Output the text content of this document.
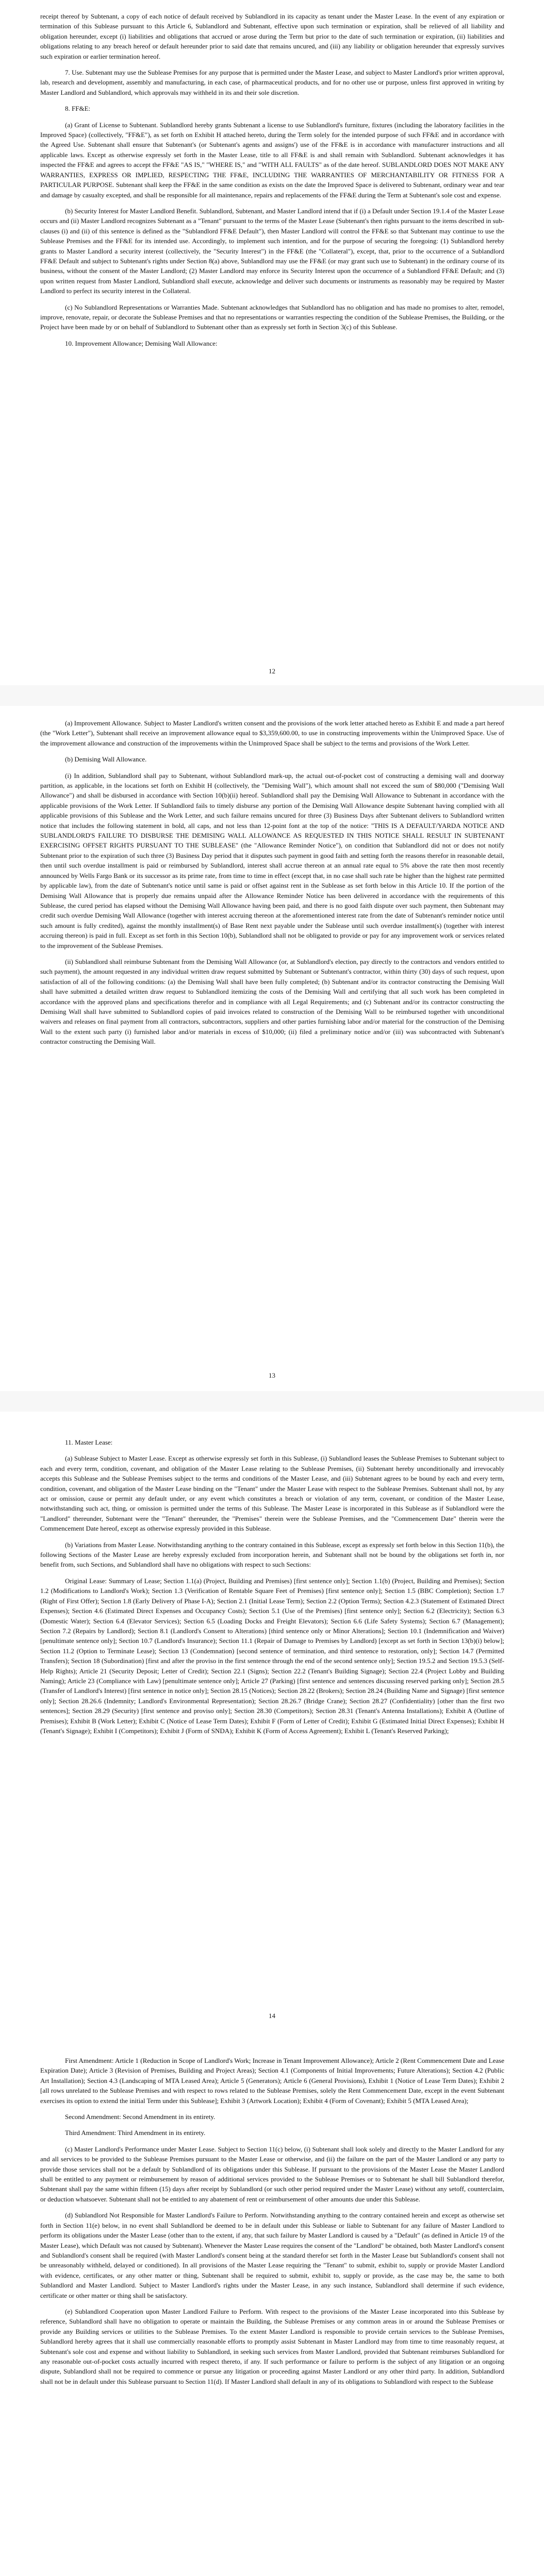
receipt thereof by Subtenant, a copy of each notice of default received by Sublandlord in its capacity as tenant under the Master Lease. In the event of any expiration or termination of this Sublease pursuant to this Article 6, Sublandlord and Subtenant, effective upon such termination or expiration, shall be relieved of all liability and obligation hereunder, except (i) liabilities and obligations that accrued or arose during the Term but prior to the date of such termination or expiration, (ii) liabilities and obligations relating to any breach hereof or default hereunder prior to said date that remains uncured, and (iii) any liability or obligation hereunder that expressly survives such expiration or earlier termination hereof.

7. Use. Subtenant may use the Sublease Premises for any purpose that is permitted under the Master Lease, and subject to Master Landlord's prior written approval, lab, research and development, assembly and manufacturing, in each case, of pharmaceutical products, and for no other use or purpose, unless first approved in writing by Master Landlord and Sublandlord, which approvals may withheld in its and their sole discretion.

8. FF&E:

(a) Grant of License to Subtenant. Sublandlord hereby grants Subtenant a license to use Sublandlord's furniture, fixtures (including the laboratory facilities in the Improved Space) (collectively, "FF&E"), as set forth on Exhibit H attached hereto, during the Term solely for the intended purpose of such FF&E and in accordance with the Agreed Use. Subtenant shall ensure that Subtenant's (or Subtenant's agents and assigns') use of the FF&E is in accordance with manufacturer instructions and all applicable laws. Except as otherwise expressly set forth in the Master Lease, title to all FF&E is and shall remain with Sublandlord. Subtenant acknowledges it has inspected the FF&E and agrees to accept the FF&E "AS IS," "WHERE IS," and "WITH ALL FAULTS" as of the date hereof. SUBLANDLORD DOES NOT MAKE ANY WARRANTIES, EXPRESS OR IMPLIED, RESPECTING THE FF&E, INCLUDING THE WARRANTIES OF MERCHANTABILITY OR FITNESS FOR A PARTICULAR PURPOSE. Subtenant shall keep the FF&E in the same condition as exists on the date the Improved Space is delivered to Subtenant, ordinary wear and tear and damage by casualty excepted, and shall be responsible for all maintenance, repairs and replacements of the FF&E during the Term at Subtenant's sole cost and expense.

(b) Security Interest for Master Landlord Benefit. Sublandlord, Subtenant, and Master Landlord intend that if (i) a Default under Section 19.1.4 of the Master Lease occurs and (ii) Master Landlord recognizes Subtenant as a "Tenant" pursuant to the terms of the Master Lease (Subtenant's then rights pursuant to the items described in sub-clauses (i) and (ii) of this sentence is defined as the "Sublandlord FF&E Default"), then Master Landlord will control the FF&E so that Subtenant may continue to use the Sublease Premises and the FF&E for its intended use. Accordingly, to implement such intention, and for the purpose of securing the foregoing: (1) Sublandlord hereby grants to Master Landlord a security interest (collectively, the "Security Interest") in the FF&E (the "Collateral"), except, that, prior to the occurrence of a Sublandlord FF&E Default and subject to Subtenant's rights under Section 8(a) above, Sublandlord may use the FF&E (or may grant such use to Subtenant) in the ordinary course of its business, without the consent of the Master Landlord; (2) Master Landlord may enforce its Security Interest upon the occurrence of a Sublandlord FF&E Default; and (3) upon written request from Master Landlord, Sublandlord shall execute, acknowledge and deliver such documents or instruments as reasonably may be required by Master Landlord to perfect its security interest in the Collateral.

(c) No Sublandlord Representations or Warranties Made. Subtenant acknowledges that Sublandlord has no obligation and has made no promises to alter, remodel, improve, renovate, repair, or decorate the Sublease Premises and that no representations or warranties respecting the condition of the Sublease Premises, the Building, or the Project have been made by or on behalf of Sublandlord to Subtenant other than as expressly set forth in Section 3(c) of this Sublease.

10. Improvement Allowance; Demising Wall Allowance:

12

(a) Improvement Allowance. Subject to Master Landlord's written consent and the provisions of the work letter attached hereto as Exhibit E and made a part hereof (the "Work Letter"), Subtenant shall receive an improvement allowance equal to $3,359,600.00, to use in constructing improvements within the Unimproved Space. Use of the improvement allowance and construction of the improvements within the Unimproved Space shall be subject to the terms and provisions of the Work Letter.

(b) Demising Wall Allowance.

(i) In addition, Sublandlord shall pay to Subtenant, without Sublandlord mark-up, the actual out-of-pocket cost of constructing a demising wall and doorway partition, as applicable, in the locations set forth on Exhibit H (collectively, the "Demising Wall"), which amount shall not exceed the sum of $80,000 ("Demising Wall Allowance") and shall be disbursed in accordance with Section 10(b)(ii) hereof. Sublandlord shall pay the Demising Wall Allowance to Subtenant in accordance with the applicable provisions of the Work Letter. If Sublandlord fails to timely disburse any portion of the Demising Wall Allowance despite Subtenant having complied with all applicable provisions of this Sublease and the Work Letter, and such failure remains uncured for three (3) Business Days after Subtenant delivers to Sublandlord written notice that includes the following statement in bold, all caps, and not less than 12-point font at the top of the notice: "THIS IS A DEFAULT/YARDA NOTICE AND SUBLANDLORD'S FAILURE TO DISBURSE THE DEMISING WALL ALLOWANCE AS REQUESTED IN THIS NOTICE SHALL RESULT IN SUBTENANT EXERCISING OFFSET RIGHTS PURSUANT TO THE SUBLEASE" (the "Allowance Reminder Notice"), on condition that Sublandlord did not or does not notify Subtenant prior to the expiration of such three (3) Business Day period that it disputes such payment in good faith and setting forth the reasons therefor in reasonable detail, then until such overdue installment is paid or reimbursed by Sublandlord, interest shall accrue thereon at an annual rate equal to 5% above the rate then most recently announced by Wells Fargo Bank or its successor as its prime rate, from time to time in effect (except that, in no case shall such rate be higher than the highest rate permitted by applicable law), from the date of Subtenant's notice until same is paid or offset against rent in the Sublease as set forth below in this Article 10. If the portion of the Demising Wall Allowance that is properly due remains unpaid after the Allowance Reminder Notice has been delivered in accordance with the requirements of this Sublease, the cured period has elapsed without the Demising Wall Allowance having been paid, and there is no good faith dispute over such payment, then Subtenant may credit such overdue Demising Wall Allowance (together with interest accruing thereon at the aforementioned interest rate from the date of Subtenant's reminder notice until such amount is fully credited), against the monthly installment(s) of Base Rent next payable under the Sublease until such overdue installment(s) (together with interest accruing thereon) is paid in full. Except as set forth in this Section 10(b), Sublandlord shall not be obligated to provide or pay for any improvement work or services related to the improvement of the Sublease Premises.

(ii) Sublandlord shall reimburse Subtenant from the Demising Wall Allowance (or, at Sublandlord's election, pay directly to the contractors and vendors entitled to such payment), the amount requested in any individual written draw request submitted by Subtenant or Subtenant's contractor, within thirty (30) days of such request, upon satisfaction of all of the following conditions: (a) the Demising Wall shall have been fully completed; (b) Subtenant and/or its contractor constructing the Demising Wall shall have submitted a detailed written draw request to Sublandlord itemizing the costs of the Demising Wall and certifying that all such work has been completed in accordance with the approved plans and specifications therefor and in compliance with all Legal Requirements; and (c) Subtenant and/or its contractor constructing the Demising Wall shall have submitted to Sublandlord copies of paid invoices related to construction of the Demising Wall to be reimbursed together with unconditional waivers and releases on final payment from all contractors, subcontractors, suppliers and other parties furnishing labor and/or material for the construction of the Demising Wall to the extent such party (i) furnished labor and/or materials in excess of $10,000; (ii) filed a preliminary notice and/or (iii) was subcontracted with Subtenant's contractor constructing the Demising Wall.

13

11. Master Lease:

(a) Sublease Subject to Master Lease. Except as otherwise expressly set forth in this Sublease, (i) Sublandlord leases the Sublease Premises to Subtenant subject to each and every term, condition, covenant, and obligation of the Master Lease relating to the Sublease Premises, (ii) Subtenant hereby unconditionally and irrevocably accepts this Sublease and the Sublease Premises subject to the terms and conditions of the Master Lease, and (iii) Subtenant agrees to be bound by each and every term, condition, covenant, and obligation of the Master Lease binding on the "Tenant" under the Master Lease with respect to the Sublease Premises. Subtenant shall not, by any act or omission, cause or permit any default under, or any event which constitutes a breach or violation of any term, covenant, or condition of the Master Lease, notwithstanding such act, thing, or omission is permitted under the terms of this Sublease. The Master Lease is incorporated in this Sublease as if Sublandlord were the "Landlord" thereunder, Subtenant were the "Tenant" thereunder, the "Premises" therein were the Sublease Premises, and the "Commencement Date" therein were the Commencement Date hereof, except as otherwise expressly provided in this Sublease.

(b) Variations from Master Lease. Notwithstanding anything to the contrary contained in this Sublease, except as expressly set forth below in this Section 11(b), the following Sections of the Master Lease are hereby expressly excluded from incorporation herein, and Subtenant shall not be bound by the obligations set forth in, nor benefit from, such Sections, and Sublandlord shall have no obligations with respect to such Sections:

Original Lease: Summary of Lease; Section 1.1(a) (Project, Building and Premises) [first sentence only]; Section 1.1(b) (Project, Building and Premises); Section 1.2 (Modifications to Landlord's Work); Section 1.3 (Verification of Rentable Square Feet of Premises) [first sentence only]; Section 1.5 (BBC Completion); Section 1.7 (Right of First Offer); Section 1.8 (Early Delivery of Phase I-A); Section 2.1 (Initial Lease Term); Section 2.2 (Option Terms); Section 4.2.3 (Statement of Estimated Direct Expenses); Section 4.6 (Estimated Direct Expenses and Occupancy Costs); Section 5.1 (Use of the Premises) [first sentence only]; Section 6.2 (Electricity); Section 6.3 (Domestic Water); Section 6.4 (Elevator Services); Section 6.5 (Loading Docks and Freight Elevators); Section 6.6 (Life Safety Systems); Section 6.7 (Management); Section 7.2 (Repairs by Landlord); Section 8.1 (Landlord's Consent to Alterations) [third sentence only or Minor Alterations]; Section 10.1 (Indemnification and Waiver) [penultimate sentence only]; Section 10.7 (Landlord's Insurance); Section 11.1 (Repair of Damage to Premises by Landlord) [except as set forth in Section 13(b)(i) below]; Section 11.2 (Option to Terminate Lease); Section 13 (Condemnation) [second sentence of termination, and third sentence to restoration, only]; Section 14.7 (Permitted Transfers); Section 18 (Subordination) [first and after the proviso in the first sentence through the end of the second sentence only]; Section 19.5.2 and Section 19.5.3 (Self-Help Rights); Article 21 (Security Deposit; Letter of Credit); Section 22.1 (Signs); Section 22.2 (Tenant's Building Signage); Section 22.4 (Project Lobby and Building Naming); Article 23 (Compliance with Law) [penultimate sentence only]; Article 27 (Parking) [first sentence and sentences discussing reserved parking only]; Section 28.5 (Transfer of Landlord's Interest) [first sentence in notice only]; Section 28.15 (Notices); Section 28.22 (Brokers); Section 28.24 (Building Name and Signage) [first sentence only]; Section 28.26.6 (Indemnity; Landlord's Environmental Representation); Section 28.26.7 (Bridge Crane); Section 28.27 (Confidentiality) [other than the first two sentences]; Section 28.29 (Security) [first sentence and proviso only]; Section 28.30 (Competitors); Section 28.31 (Tenant's Antenna Installations); Exhibit A (Outline of Premises); Exhibit B (Work Letter); Exhibit C (Notice of Lease Term Dates); Exhibit F (Form of Letter of Credit); Exhibit G (Estimated Initial Direct Expenses); Exhibit H (Tenant's Signage); Exhibit I (Competitors); Exhibit J (Form of SNDA); Exhibit K (Form of Access Agreement); Exhibit L (Tenant's Reserved Parking);

14

First Amendment: Article 1 (Reduction in Scope of Landlord's Work; Increase in Tenant Improvement Allowance); Article 2 (Rent Commencement Date and Lease Expiration Date); Article 3 (Revision of Premises, Building and Project Areas); Section 4.1 (Components of Initial Improvements; Future Alterations); Section 4.2 (Public Art Installation); Section 4.3 (Landscaping of MTA Leased Area); Article 5 (Generators); Article 6 (General Provisions), Exhibit 1 (Notice of Lease Term Dates); Exhibit 2 [all rows unrelated to the Sublease Premises and with respect to rows related to the Sublease Premises, solely the Rent Commencement Date, except in the event Subtenant exercises its option to extend the initial Term under this Sublease]; Exhibit 3 (Artwork Location); Exhibit 4 (Form of Covenant); Exhibit 5 (MTA Leased Area);

Second Amendment: Second Amendment in its entirety.

Third Amendment: Third Amendment in its entirety.

(c) Master Landlord's Performance under Master Lease. Subject to Section 11(c) below, (i) Subtenant shall look solely and directly to the Master Landlord for any and all services to be provided to the Sublease Premises pursuant to the Master Lease or otherwise, and (ii) the failure on the part of the Master Landlord or any party to provide those services shall not be a default by Sublandlord of its obligations under this Sublease. If pursuant to the provisions of the Master Lease the Master Landlord shall be entitled to any payment or reimbursement by reason of additional services provided to the Sublease Premises or to Subtenant he shall bill Sublandlord therefor, Subtenant shall pay the same within fifteen (15) days after receipt by Sublandlord (or such other period required under the Master Lease) without any setoff, counterclaim, or deduction whatsoever. Subtenant shall not be entitled to any abatement of rent or reimbursement of other amounts due under this Sublease.

(d) Sublandlord Not Responsible for Master Landlord's Failure to Perform. Notwithstanding anything to the contrary contained herein and except as otherwise set forth in Section 11(e) below, in no event shall Sublandlord be deemed to be in default under this Sublease or liable to Subtenant for any failure of Master Landlord to perform its obligations under the Master Lease (other than to the extent, if any, that such failure by Master Landlord is caused by a "Default" (as defined in Article 19 of the Master Lease), which Default was not caused by Subtenant). Whenever the Master Lease requires the consent of the "Landlord" be obtained, both Master Landlord's consent and Sublandlord's consent shall be required (with Master Landlord's consent being at the standard therefor set forth in the Master Lease but Sublandlord's consent shall not be unreasonably withheld, delayed or conditioned). In all provisions of the Master Lease requiring the "Tenant" to submit, exhibit to, supply or provide Master Landlord with evidence, certificates, or any other matter or thing, Subtenant shall be required to submit, exhibit to, supply or provide, as the case may be, the same to both Sublandlord and Master Landlord. Subject to Master Landlord's rights under the Master Lease, in any such instance, Sublandlord shall determine if such evidence, certificate or other matter or thing shall be satisfactory.

(e) Sublandlord Cooperation upon Master Landlord Failure to Perform. With respect to the provisions of the Master Lease incorporated into this Sublease by reference, Sublandlord shall have no obligation to operate or maintain the Building, the Sublease Premises or any common areas in or around the Sublease Premises or provide any Building services or utilities to the Sublease Premises. To the extent Master Landlord is responsible to provide certain services to the Sublease Premises, Sublandlord hereby agrees that it shall use commercially reasonable efforts to promptly assist Subtenant in Master Landlord may from time to time reasonably request, at Subtenant's sole cost and expense and without liability to Sublandlord, in seeking such services from Master Landlord, provided that Subtenant reimburses Sublandlord for any reasonable out-of-pocket costs actually incurred with respect thereto, if any. If such performance or failure to perform is the subject of any litigation or an ongoing dispute, Sublandlord shall not be required to commence or pursue any litigation or proceeding against Master Landlord or any other third party. In addition, Sublandlord shall not be in default under this Sublease pursuant to Section 11(d). If Master Landlord shall default in any of its obligations to Sublandlord with respect to the Sublease
